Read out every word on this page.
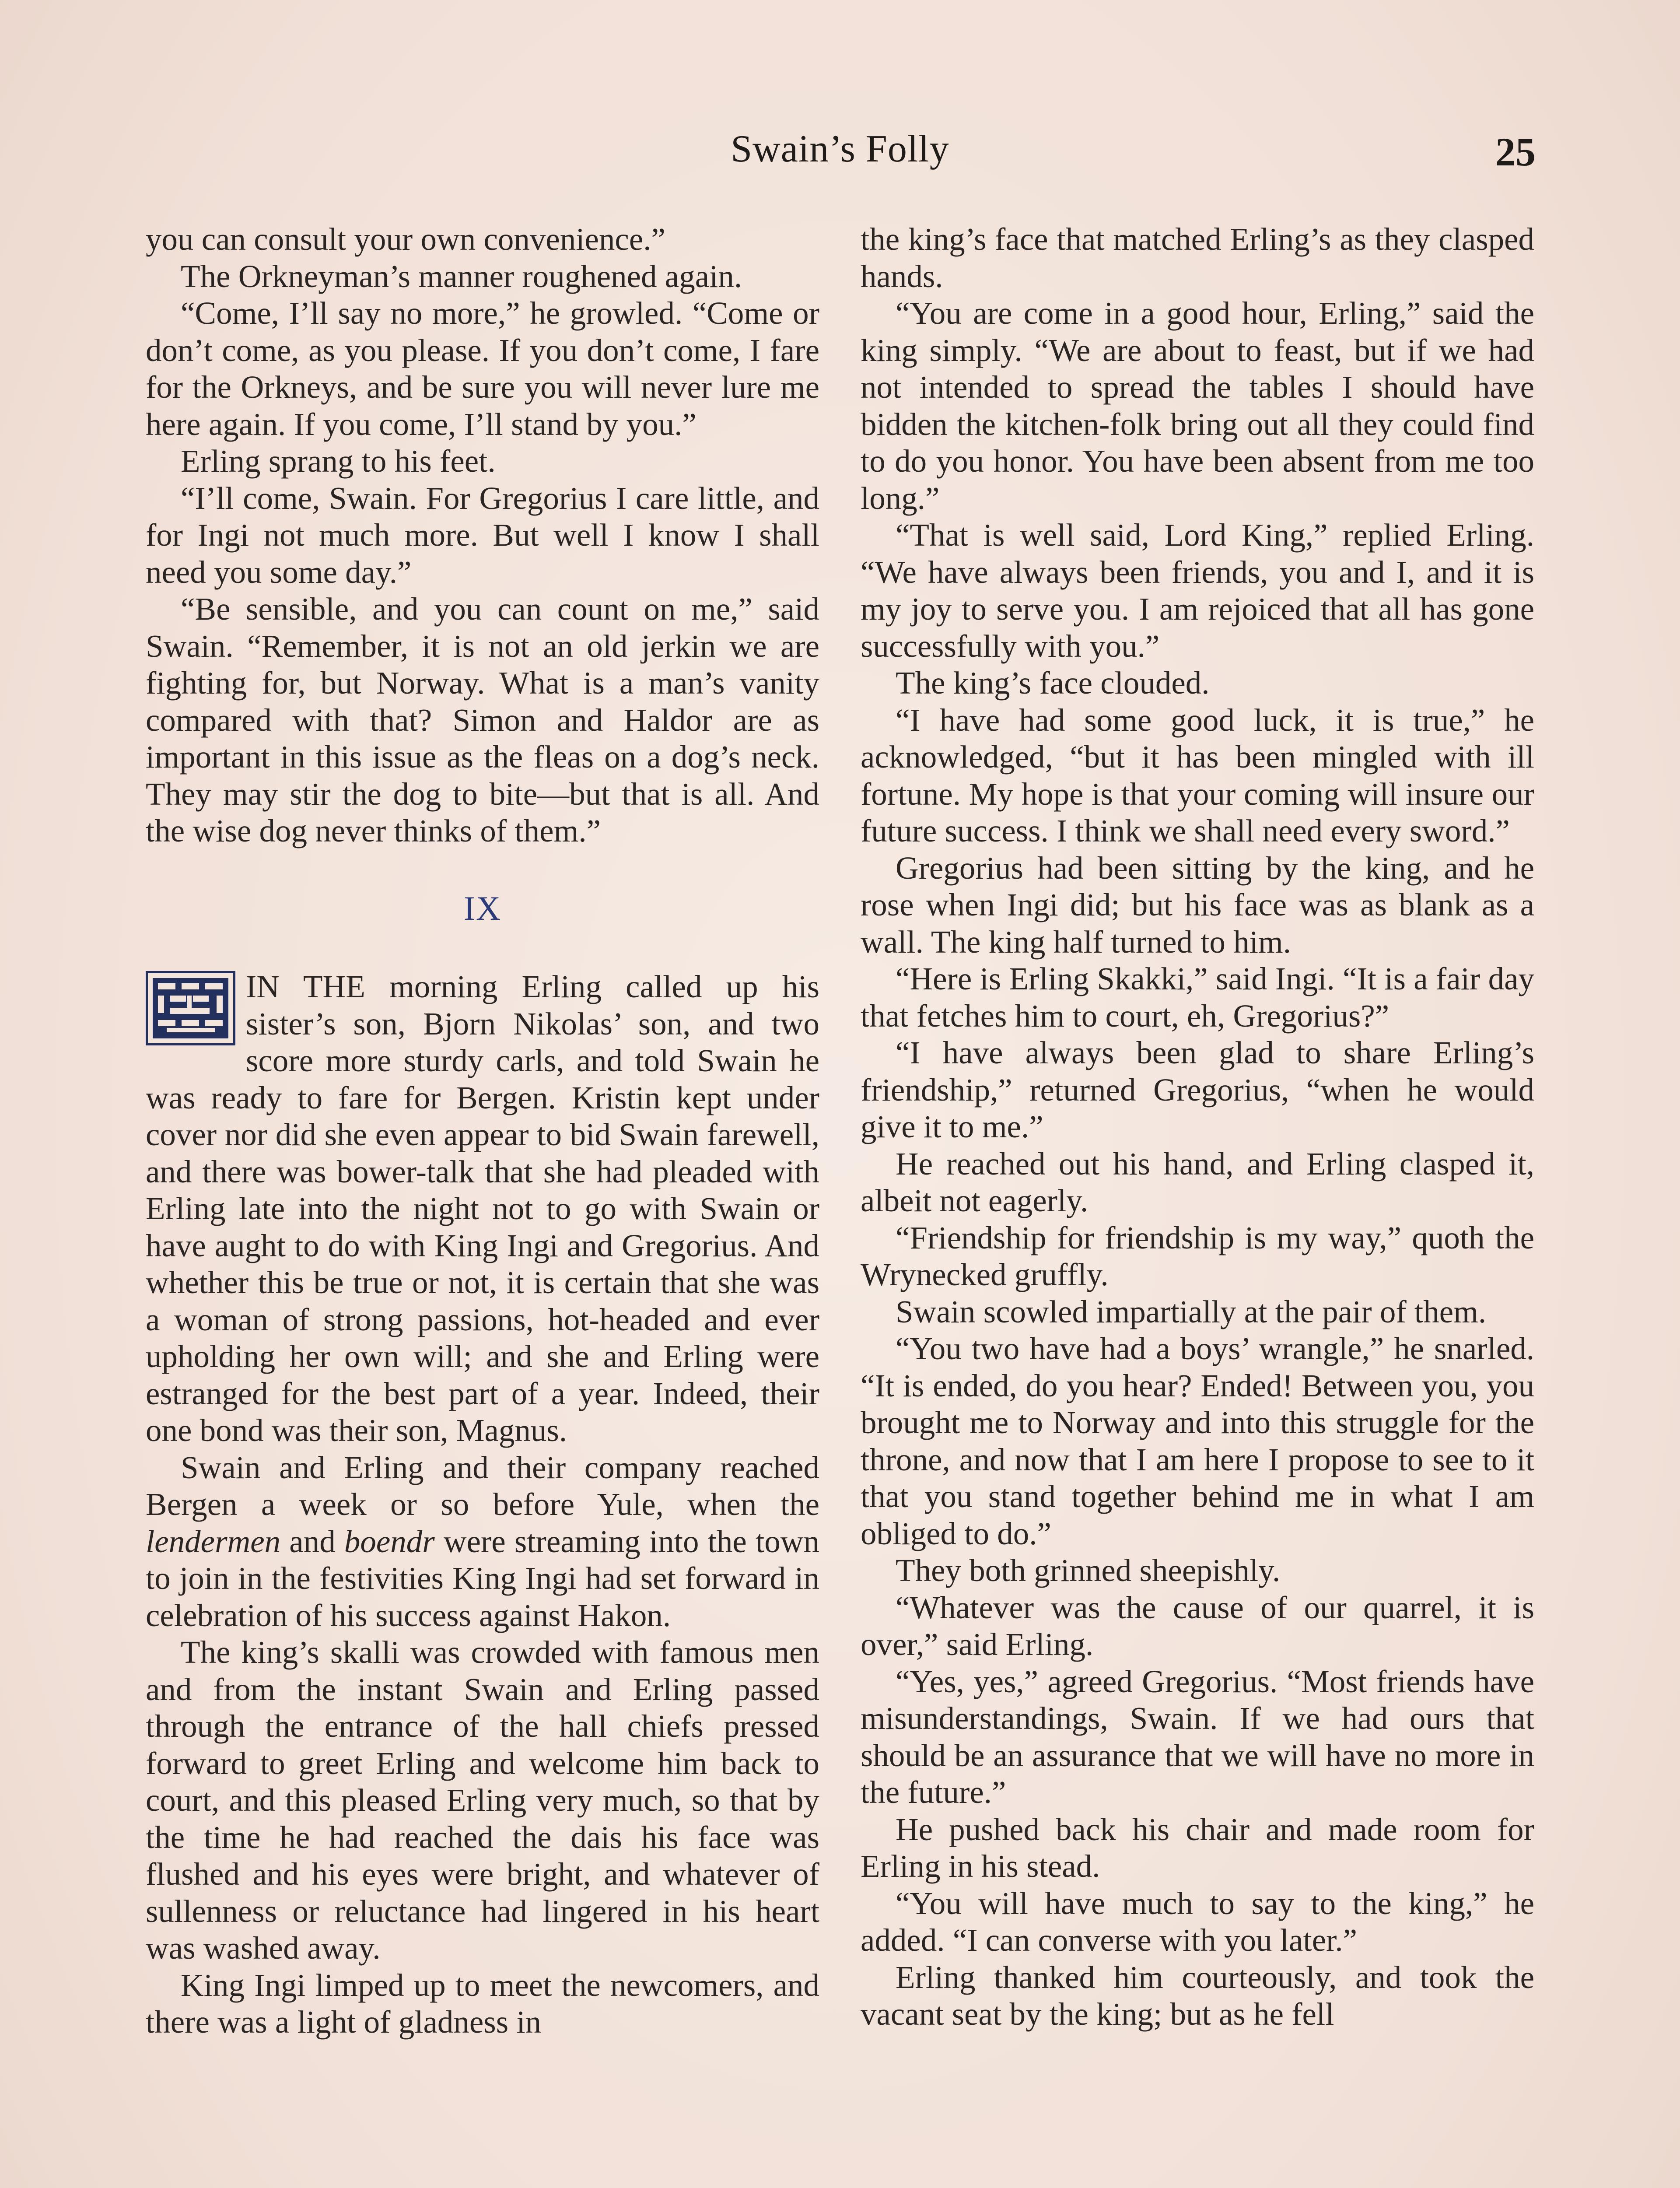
Swain’s Folly	25

you can consult your own convenience.”

The Orkneyman’s manner roughened again.

“Come, I’ll say no more,” he growled. “Come or don’t come, as you please. If you don’t come, I fare for the Orkneys, and be sure you will never lure me here again. If you come, I’ll stand by you.”

Erling sprang to his feet.

“I’ll come, Swain. For Gregorius I care little, and for Ingi not much more. But well I know I shall need you some day.”

“Be sensible, and you can count on me,” said Swain. “Remember, it is not an old jerkin we are fighting for, but Norway. What is a man’s vanity compared with that? Simon and Haldor are as important in this issue as the fleas on a dog’s neck. They may stir the dog to bite—but that is all. And the wise dog never thinks of them.”

IX

IN THE morning Erling called up his sister’s son, Bjorn Nikolas’ son, and two score more sturdy carls, and told Swain he was ready to fare for Bergen. Kristin kept under cover nor did she even appear to bid Swain farewell, and there was bower-talk that she had pleaded with Erling late into the night not to go with Swain or have aught to do with King Ingi and Gregorius. And whether this be true or not, it is certain that she was a woman of strong passions, hot-headed and ever upholding her own will; and she and Erling were estranged for the best part of a year. Indeed, their one bond was their son, Magnus.

Swain and Erling and their company reached Bergen a week or so before Yule, when the lendermen and boendr were streaming into the town to join in the festivities King Ingi had set forward in celebration of his success against Hakon.

The king’s skalli was crowded with famous men and from the instant Swain and Erling passed through the entrance of the hall chiefs pressed forward to greet Erling and welcome him back to court, and this pleased Erling very much, so that by the time he had reached the dais his face was flushed and his eyes were bright, and whatever of sullenness or reluctance had lingered in his heart was washed away.

King Ingi limped up to meet the newcomers, and there was a light of gladness in

the king’s face that matched Erling’s as they clasped hands.

“You are come in a good hour, Erling,” said the king simply. “We are about to feast, but if we had not intended to spread the tables I should have bidden the kitchen-folk bring out all they could find to do you honor. You have been absent from me too long.”

“That is well said, Lord King,” replied Erling. “We have always been friends, you and I, and it is my joy to serve you. I am rejoiced that all has gone successfully with you.”

The king’s face clouded.

“I have had some good luck, it is true,” he acknowledged, “but it has been mingled with ill fortune. My hope is that your coming will insure our future success. I think we shall need every sword.”

Gregorius had been sitting by the king, and he rose when Ingi did; but his face was as blank as a wall. The king half turned to him.

“Here is Erling Skakki,” said Ingi. “It is a fair day that fetches him to court, eh, Gregorius?”

“I have always been glad to share Erling’s friendship,” returned Gregorius, “when he would give it to me.”

He reached out his hand, and Erling clasped it, albeit not eagerly.

“Friendship for friendship is my way,” quoth the Wrynecked gruffly.

Swain scowled impartially at the pair of them.

“You two have had a boys’ wrangle,” he snarled. “It is ended, do you hear? Ended! Between you, you brought me to Norway and into this struggle for the throne, and now that I am here I propose to see to it that you stand together behind me in what I am obliged to do.”

They both grinned sheepishly.

“Whatever was the cause of our quarrel, it is over,” said Erling.

“Yes, yes,” agreed Gregorius. “Most friends have misunderstandings, Swain. If we had ours that should be an assurance that we will have no more in the future.”

He pushed back his chair and made room for Erling in his stead.

“You will have much to say to the king,” he added. “I can converse with you later.”

Erling thanked him courteously, and took the vacant seat by the king; but as he fell
